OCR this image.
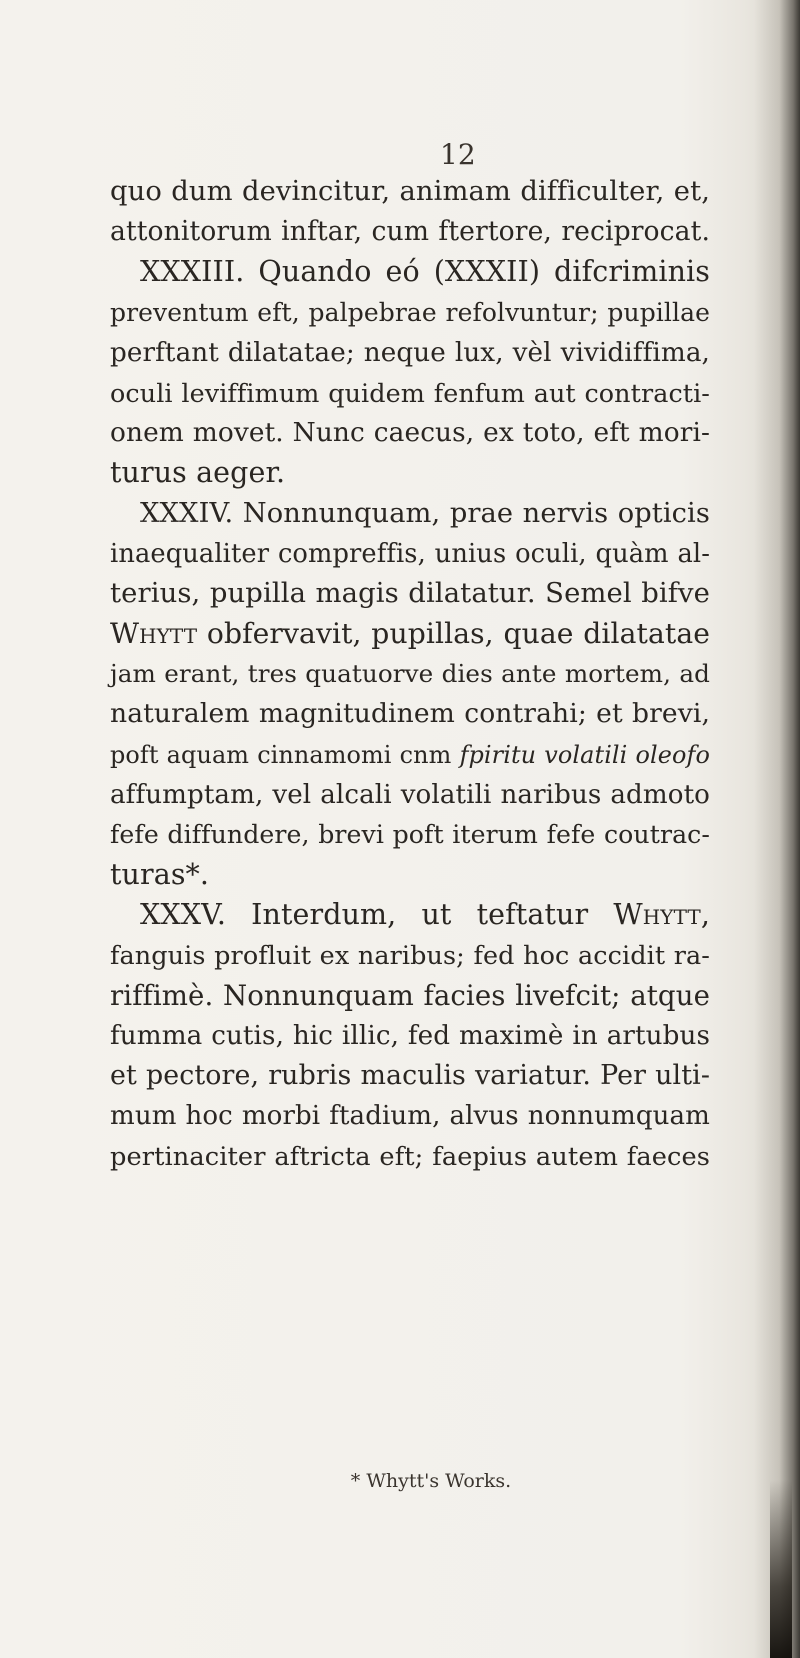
12
quo dum devincitur, animam difficulter, et,
attonitorum inftar, cum ftertore, reciprocat.
XXXIII. Quando eó (XXXII) difcriminis
preventum eft, palpebrae refolvuntur; pupillae
perftant dilatatae; neque lux, vèl vividiffima,
oculi leviffimum quidem fenfum aut contracti-
onem movet. Nunc caecus, ex toto, eft mori-
turus aeger.
XXXIV. Nonnunquam, prae nervis opticis
inaequaliter compreffis, unius oculi, quàm al-
terius, pupilla magis dilatatur. Semel bifve
Whytt obfervavit, pupillas, quae dilatatae
jam erant, tres quatuorve dies ante mortem, ad
naturalem magnitudinem contrahi; et brevi,
poft aquam cinnamomi cnm fpiritu volatili oleofo
affumptam, vel alcali volatili naribus admoto
fefe diffundere, brevi poft iterum fefe coutrac-
turas*.
XXXV. Interdum, ut teftatur Whytt,
fanguis profluit ex naribus; fed hoc accidit ra-
riffimè. Nonnunquam facies livefcit; atque
fumma cutis, hic illic, fed maximè in artubus
et pectore, rubris maculis variatur. Per ulti-
mum hoc morbi ftadium, alvus nonnumquam
pertinaciter aftricta eft; faepius autem faeces
* Whytt's Works.
